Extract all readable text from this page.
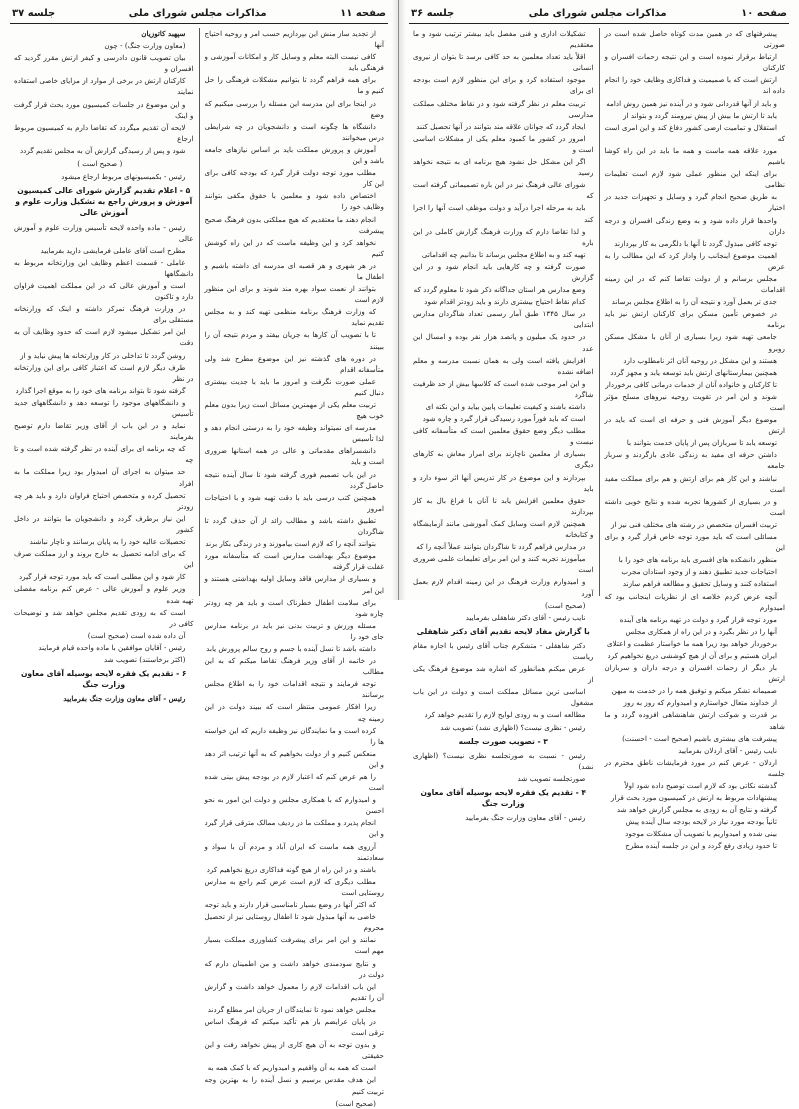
صفحه ۱۱
مذاکرات مجلس شورای ملی
جلسه ۳۷

از تجدید ساز منش این بپردازیم حسب امر و روحیه احتیاج آنها

کافی نیست البته معلم و وسایل کار و امکانات آموزشی و فرهنگی باید

برای همه فراهم گردد تا بتوانیم مشکلات فرهنگی را حل کنیم و ما

در اینجا برای این مدرسه این مسئله را بررسی میکنیم که وضع

دانشگاه ها چگونه است و دانشجویان در چه شرایطی درس میخوانند

آموزش و پرورش مملکت باید بر اساس نیازهای جامعه باشد و این

مطلب مورد توجه دولت قرار گیرد که بودجه کافی برای این کار

اختصاص داده شود و معلمین با حقوق مکفی بتوانند وظایف خود را

انجام دهند ما معتقدیم که هیچ مملکتی بدون فرهنگ صحیح پیشرفت

نخواهد کرد و این وظیفه ماست که در این راه کوشش کنیم

در هر شهری و هر قصبه ای مدرسه ای داشته باشیم و اطفال ما

بتوانند از نعمت سواد بهره مند شوند و برای این منظور لازم است

که وزارت فرهنگ برنامه منظمی تهیه کند و به مجلس تقدیم نماید

تا با تصویب آن کارها به جریان بیفتد و مردم نتیجه آن را ببینند

در دوره های گذشته نیز این موضوع مطرح شد ولی متأسفانه اقدام

عملی صورت نگرفت و امروز ما باید با جدیت بیشتری دنبال کنیم

تربیت معلم یکی از مهمترین مسائل است زیرا بدون معلم خوب هیچ

مدرسه ای نمیتواند وظیفه خود را به درستی انجام دهد و لذا تأسیس

دانشسراهای مقدماتی و عالی در همه استانها ضروری است و باید

در این باب تصمیم فوری گرفته شود تا سال آینده نتیجه حاصل گردد

همچنین کتب درسی باید با دقت تهیه شود و با احتیاجات امروز

تطبیق داشته باشد و مطالب زائد از آن حذف گردد تا شاگردان

بتوانند آنچه را که لازم است بیاموزند و در زندگی بکار برند

موضوع دیگر بهداشت مدارس است که متأسفانه مورد غفلت قرار گرفته

و بسیاری از مدارس فاقد وسایل اولیه بهداشتی هستند و این امر

برای سلامت اطفال خطرناک است و باید هر چه زودتر چاره شود

مسئله ورزش و تربیت بدنی نیز باید در برنامه مدارس جای خود را

داشته باشد تا نسل آینده با جسم و روح سالم پرورش یابد

در خاتمه از آقای وزیر فرهنگ تقاضا میکنم که به این مطالب

توجه فرمایند و نتیجه اقدامات خود را به اطلاع مجلس برسانند

زیرا افکار عمومی منتظر است که ببیند دولت در این زمینه چه

کرده است و ما نمایندگان نیز وظیفه داریم که این خواسته ها را

منعکس کنیم و از دولت بخواهیم که به آنها ترتیب اثر دهد و این

را هم عرض کنم که اعتبار لازم در بودجه پیش بینی شده است

و امیدوارم که با همکاری مجلس و دولت این امور به نحو احسن

انجام پذیرد و مملکت ما در ردیف ممالک مترقی قرار گیرد و این

آرزوی همه ماست که ایران آباد و مردم آن با سواد و سعادتمند

باشند و در این راه از هیچ گونه فداکاری دریغ نخواهیم کرد

مطلب دیگری که لازم است عرض کنم راجع به مدارس روستایی است

که اکثر آنها در وضع بسیار نامناسبی قرار دارند و باید توجه

خاصی به آنها مبذول شود تا اطفال روستایی نیز از تحصیل محروم

نمانند و این امر برای پیشرفت کشاورزی مملکت بسیار مهم است

و نتایج سودمندی خواهد داشت و من اطمینان دارم که دولت در

این باب اقدامات لازم را معمول خواهد داشت و گزارش آن را تقدیم

مجلس خواهد نمود تا نمایندگان از جریان امر مطلع گردند

در پایان عرایضم باز هم تأکید میکنم که فرهنگ اساس ترقی است

و بدون توجه به آن هیچ کاری از پیش نخواهد رفت و این حقیقتی

است که همه به آن واقفیم و امیدواریم که با کمک همه به

این هدف مقدس برسیم و نسل آینده را به بهترین وجه تربیت کنیم

(صحیح است)

سپهبد کاتوزیان

(معاون وزارت جنگ) - چون

بیان تصویب قانون دادرسی و کیفر ارتش مقرر گردید که افسران و

کارکنان ارتش در برخی از موارد از مزایای خاصی استفاده نمایند

و این موضوع در جلسات کمیسیون مورد بحث قرار گرفت و اینک

لایحه آن تقدیم میگردد که تقاضا دارم به کمیسیون مربوط ارجاع

شود و پس از رسیدگی گزارش آن به مجلس تقدیم گردد

( صحیح است )

رئیس - بکمیسیونهای مربوط ارجاع میشود

۵ - اعلام تقدیم گزارش شورای عالی کمیسیون آموزش و پرورش راجع به تشکیل وزارت علوم و آموزش عالی

رئیس - ماده واحده لایحه تأسیس وزارت علوم و آموزش عالی

مطرح است آقای عاملی فرمایشی دارید بفرمایید

عاملی - قسمت اعظم وظایف این وزارتخانه مربوط به دانشگاهها

است و آموزش عالی که در این مملکت اهمیت فراوان دارد و تاکنون

در وزارت فرهنگ تمرکز داشته و اینک که وزارتخانه مستقلی برای

این امر تشکیل میشود لازم است که حدود وظایف آن به دقت

روشن گردد تا تداخلی در کار وزارتخانه ها پیش نیاید و از

طرف دیگر لازم است که اعتبار کافی برای این وزارتخانه در نظر

گرفته شود تا بتواند برنامه های خود را به موقع اجرا گذارد

و دانشگاههای موجود را توسعه دهد و دانشگاههای جدید تأسیس

نماید و در این باب از آقای وزیر تقاضا دارم توضیح بفرمایند

که چه برنامه ای برای آینده در نظر گرفته شده است و تا چه

حد میتوان به اجرای آن امیدوار بود زیرا مملکت ما به افراد

تحصیل کرده و متخصص احتیاج فراوان دارد و باید هر چه زودتر

این نیاز برطرف گردد و دانشجویان ما بتوانند در داخل کشور

تحصیلات عالیه خود را به پایان برسانند و ناچار نباشند

که برای ادامه تحصیل به خارج بروند و ارز مملکت صرف این

کار شود و این مطلبی است که باید مورد توجه قرار گیرد

وزیر علوم و آموزش عالی - عرض کنم برنامه مفصلی تهیه شده

است که به زودی تقدیم مجلس خواهد شد و توضیحات کافی در

آن داده شده است (صحیح است)

رئیس - آقایان موافقین با ماده واحده قیام فرمایند

(اکثر برخاستند) تصویب شد

۶ - تقدیم یک فقره لایحه بوسیله آقای معاون وزارت جنگ

رئیس - آقای معاون وزارت جنگ بفرمایید

صفحه ۱۰
مذاکرات مجلس شورای ملی
جلسه ۳۶

پیشرفتهای که در همین مدت کوتاه حاصل شده است در صورتی

ارتباط برقرار نموده است و این نتیجه زحمات افسران و کارکنان

ارتش است که با صمیمیت و فداکاری وظایف خود را انجام داده اند

و باید از آنها قدردانی شود و در آینده نیز همین روش ادامه

یابد تا ارتش ما بیش از پیش نیرومند گردد و بتواند از

استقلال و تمامیت ارضی کشور دفاع کند و این امری است که

مورد علاقه همه ماست و همه ما باید در این راه کوشا باشیم

برای اینکه این منظور عملی شود لازم است تعلیمات نظامی

به طریق صحیح انجام گیرد و وسایل و تجهیزات جدید در اختیار

واحدها قرار داده شود و به وضع زندگی افسران و درجه داران

توجه کافی مبذول گردد تا آنها با دلگرمی به کار بپردازند

اهمیت موضوع اینجانب را وادار کرد که این مطالب را به عرض

مجلس برسانم و از دولت تقاضا کنم که در این زمینه اقدامات

جدی تر بعمل آورد و نتیجه آن را به اطلاع مجلس برساند

در خصوص تأمین مسکن برای کارکنان ارتش نیز باید برنامه

جامعی تهیه شود زیرا بسیاری از آنان با مشکل مسکن روبرو

هستند و این مشکل در روحیه آنان اثر نامطلوب دارد

همچنین بیمارستانهای ارتش باید توسعه یابد و مجهز گردد

تا کارکنان و خانواده آنان از خدمات درمانی کافی برخوردار

شوند و این امر در تقویت روحیه نیروهای مسلح مؤثر است

موضوع دیگر آموزش فنی و حرفه ای است که باید در ارتش

توسعه یابد تا سربازان پس از پایان خدمت بتوانند با

داشتن حرفه ای مفید به زندگی عادی بازگردند و سربار جامعه

نباشند و این کار هم برای ارتش و هم برای مملکت مفید است

و در بسیاری از کشورها تجربه شده و نتایج خوبی داشته است

تربیت افسران متخصص در رشته های مختلف فنی نیز از

مسائلی است که باید مورد توجه خاص قرار گیرد و برای این

منظور دانشکده های افسری باید برنامه های خود را با

احتیاجات جدید تطبیق دهند و از وجود استادان مجرب

استفاده کنند و وسایل تحقیق و مطالعه فراهم سازند

آنچه عرض کردم خلاصه ای از نظریات اینجانب بود که امیدوارم

مورد توجه قرار گیرد و دولت در تهیه برنامه های آینده

آنها را در نظر بگیرد و در این راه از همکاری مجلس

برخوردار خواهد بود زیرا همه ما خواستار عظمت و اعتلای

ایران هستیم و برای آن از هیچ کوششی دریغ نخواهیم کرد

بار دیگر از زحمات افسران و درجه داران و سربازان ارتش

صمیمانه تشکر میکنم و توفیق همه را در خدمت به میهن

از خداوند متعال خواستارم و امیدوارم که روز به روز

بر قدرت و شوکت ارتش شاهنشاهی افزوده گردد و ما شاهد

پیشرفت های بیشتری باشیم (صحیح است - احسنت)

نایب رئیس - آقای اردلان بفرمایید

اردلان - عرض کنم در مورد فرمایشات ناطق محترم در جلسه

گذشته نکاتی بود که لازم است توضیح داده شود اولاً

پیشنهادات مربوط به ارتش در کمیسیون مورد بحث قرار

گرفته و نتایج آن به زودی به مجلس گزارش خواهد شد

ثانیاً بودجه مورد نیاز در لایحه بودجه سال آینده پیش

بینی شده و امیدواریم با تصویب آن مشکلات موجود

تا حدود زیادی رفع گردد و این در جلسه آینده مطرح

تشکیلات اداری و فنی مفصل باید بیشتر ترتیب شود و ما معتقدیم

اقلاً باید تعداد معلمین به حد کافی برسد تا بتوان از نیروی انسانی

موجود استفاده کرد و برای این منظور لازم است بودجه ای برای

تربیت معلم در نظر گرفته شود و در نقاط مختلف مملکت مدارسی

ایجاد گردد که جوانان علاقه مند بتوانند در آنها تحصیل کنند

امروز در کشور ما کمبود معلم یکی از مشکلات اساسی است و

اگر این مشکل حل نشود هیچ برنامه ای به نتیجه نخواهد رسید

شورای عالی فرهنگ نیز در این باره تصمیماتی گرفته است که

باید به مرحله اجرا درآید و دولت موظف است آنها را اجرا کند

و لذا تقاضا دارم که وزارت فرهنگ گزارش کاملی در این باره

تهیه کند و به اطلاع مجلس برساند تا بدانیم چه اقداماتی

صورت گرفته و چه کارهایی باید انجام شود و در این گزارش

وضع مدارس هر استان جداگانه ذکر شود تا معلوم گردد که

کدام نقاط احتیاج بیشتری دارند و باید زودتر اقدام شود

در سال ۱۳۴۵ طبق آمار رسمی تعداد شاگردان مدارس ابتدایی

در حدود یک میلیون و پانصد هزار نفر بوده و امسال این عدد

افزایش یافته است ولی به همان نسبت مدرسه و معلم اضافه نشده

و این امر موجب شده است که کلاسها بیش از حد ظرفیت شاگرد

داشته باشند و کیفیت تعلیمات پایین بیاید و این نکته ای

است که باید فوراً مورد رسیدگی قرار گیرد و چاره شود

مطلب دیگر وضع حقوق معلمین است که متأسفانه کافی نیست و

بسیاری از معلمین ناچارند برای امرار معاش به کارهای دیگری

بپردازند و این موضوع در کار تدریس آنها اثر سوء دارد و باید

حقوق معلمین افزایش یابد تا آنان با فراغ بال به کار بپردازند

همچنین لازم است وسایل کمک آموزشی مانند آزمایشگاه و کتابخانه

در مدارس فراهم گردد تا شاگردان بتوانند عملاً آنچه را که

میآموزند تجربه کنند و این امر برای تعلیمات علمی ضروری است

و امیدوارم وزارت فرهنگ در این زمینه اقدام لازم بعمل آورد

(صحیح است)

نایب رئیس - آقای دکتر شاهقلی بفرمایید

با گزارش مفاد لایحه تقدیم آقای دکتر شاهقلی

دکتر شاهقلی - متشکرم جناب آقای رئیس با اجازه مقام ریاست

عرض میکنم همانطور که اشاره شد موضوع فرهنگ یکی از

اساسی ترین مسائل مملکت است و دولت در این باب مشغول

مطالعه است و به زودی لوایح لازم را تقدیم خواهد کرد

رئیس - نظری نیست؟ (اظهاری نشد) تصویب شد

۳ - تصویب صورت جلسه

رئیس - نسبت به صورتجلسه نظری نیست؟ (اظهاری نشد)

صورتجلسه تصویب شد

۴ - تقدیم یک فقره لایحه بوسیله آقای معاون وزارت جنگ

رئیس - آقای معاون وزارت جنگ بفرمایید
